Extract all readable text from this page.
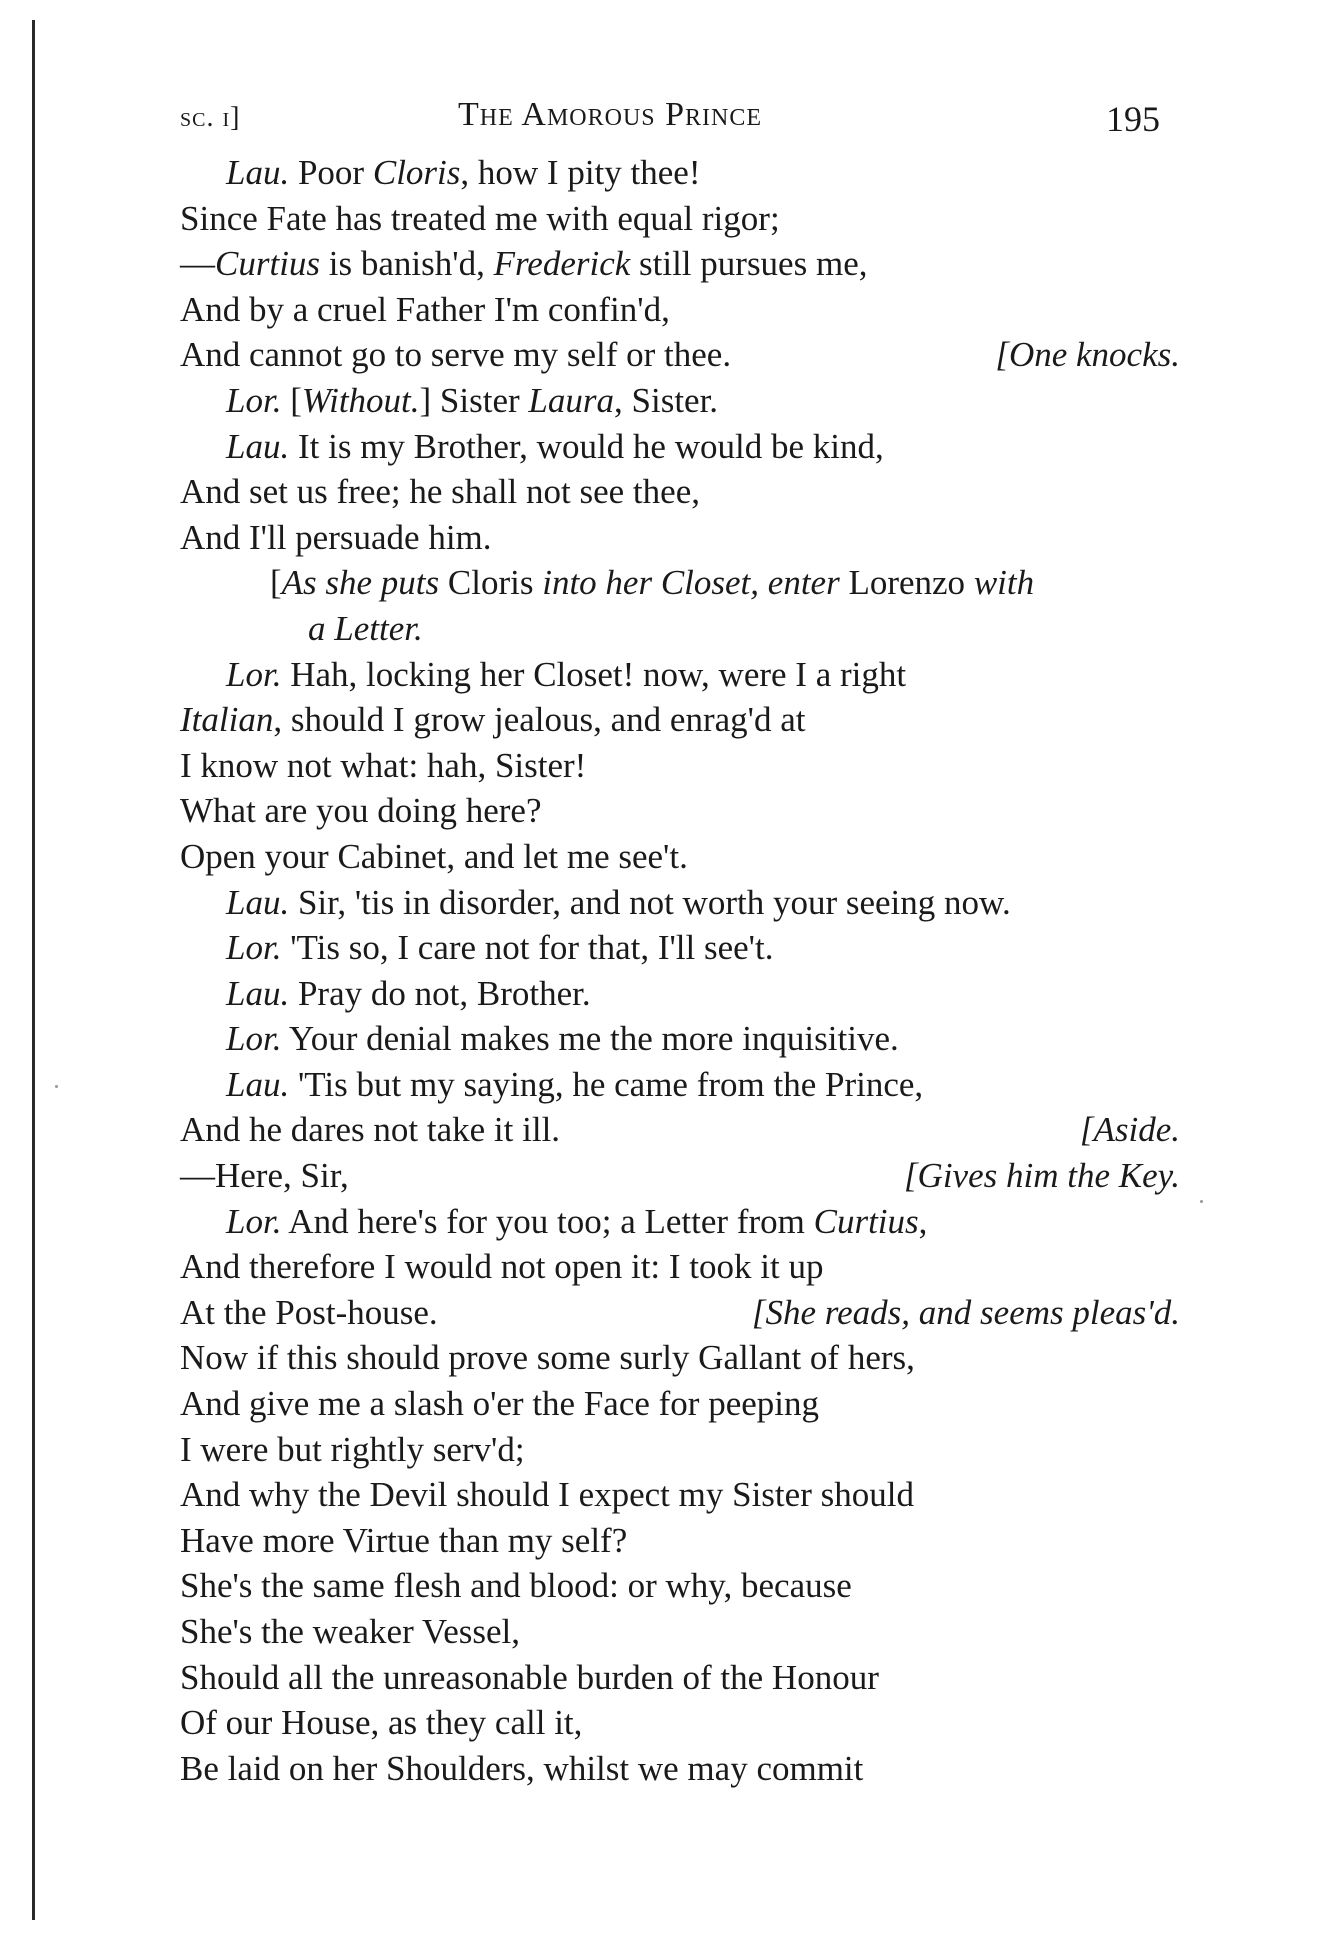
sc. i]	The Amorous Prince	195
Lau. Poor Cloris, how I pity thee!
Since Fate has treated me with equal rigor;
—Curtius is banish'd, Frederick still pursues me,
And by a cruel Father I'm confin'd,
And cannot go to serve my self or thee.	[One knocks.
Lor. [Without.] Sister Laura, Sister.
Lau. It is my Brother, would he would be kind,
And set us free; he shall not see thee,
And I'll persuade him.
[As she puts Cloris into her Closet, enter Lorenzo with
a Letter.
Lor. Hah, locking her Closet! now, were I a right
Italian, should I grow jealous, and enrag'd at
I know not what: hah, Sister!
What are you doing here?
Open your Cabinet, and let me see't.
Lau. Sir, 'tis in disorder, and not worth your seeing now.
Lor. 'Tis so, I care not for that, I'll see't.
Lau. Pray do not, Brother.
Lor. Your denial makes me the more inquisitive.
Lau. 'Tis but my saying, he came from the Prince,
And he dares not take it ill.	[Aside.
—Here, Sir,	[Gives him the Key.
Lor. And here's for you too; a Letter from Curtius,
And therefore I would not open it: I took it up
At the Post-house.	[She reads, and seems pleas'd.
Now if this should prove some surly Gallant of hers,
And give me a slash o'er the Face for peeping
I were but rightly serv'd;
And why the Devil should I expect my Sister should
Have more Virtue than my self?
She's the same flesh and blood: or why, because
She's the weaker Vessel,
Should all the unreasonable burden of the Honour
Of our House, as they call it,
Be laid on her Shoulders, whilst we may commit
